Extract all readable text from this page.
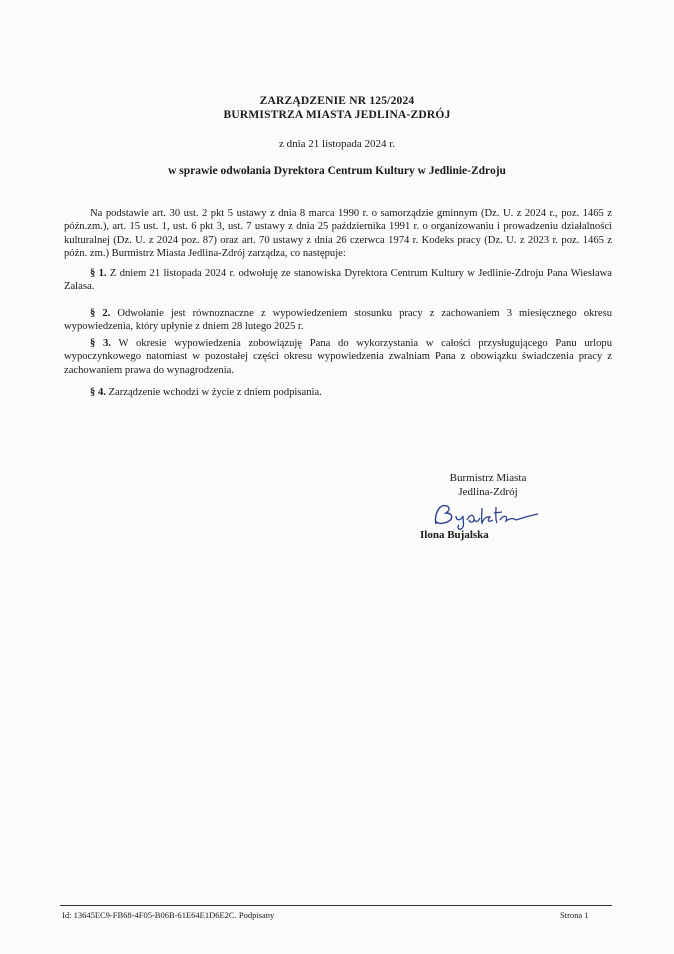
ZARZĄDZENIE NR 125/2024
BURMISTRZA MIASTA JEDLINA-ZDRÓJ
z dnia 21 listopada 2024 r.
w sprawie odwołania Dyrektora Centrum Kultury w Jedlinie-Zdroju
Na podstawie art. 30 ust. 2 pkt 5 ustawy z dnia 8 marca 1990 r. o samorządzie gminnym (Dz. U. z 2024 r., poz. 1465 z późn.zm.), art. 15 ust. 1, ust. 6 pkt 3, ust. 7 ustawy z dnia 25 października 1991 r. o organizowaniu i prowadzeniu działalności kulturalnej (Dz. U. z 2024 poz. 87) oraz art. 70 ustawy z dnia 26 czerwca 1974 r. Kodeks pracy (Dz. U. z 2023 r. poz. 1465 z późn. zm.) Burmistrz Miasta Jedlina-Zdrój zarządza, co następuje:
§ 1. Z dniem 21 listopada 2024 r. odwołuję ze stanowiska Dyrektora Centrum Kultury w Jedlinie-Zdroju Pana Wiesława Zalasa.
§ 2. Odwołanie jest równoznaczne z wypowiedzeniem stosunku pracy z zachowaniem 3 miesięcznego okresu wypowiedzenia, który upłynie z dniem 28 lutego 2025 r.
§ 3. W okresie wypowiedzenia zobowiązuję Pana do wykorzystania w całości przysługującego Panu urlopu wypoczynkowego natomiast w pozostałej części okresu wypowiedzenia zwalniam Pana z obowiązku świadczenia pracy z zachowaniem prawa do wynagrodzenia.
§ 4. Zarządzenie wchodzi w życie z dniem podpisania.
Burmistrz Miasta
Jedlina-Zdrój
Ilona Bujalska
Id: 13645EC9-FB68-4F05-B06B-61E64E1D6E2C. Podpisany	Strona 1
